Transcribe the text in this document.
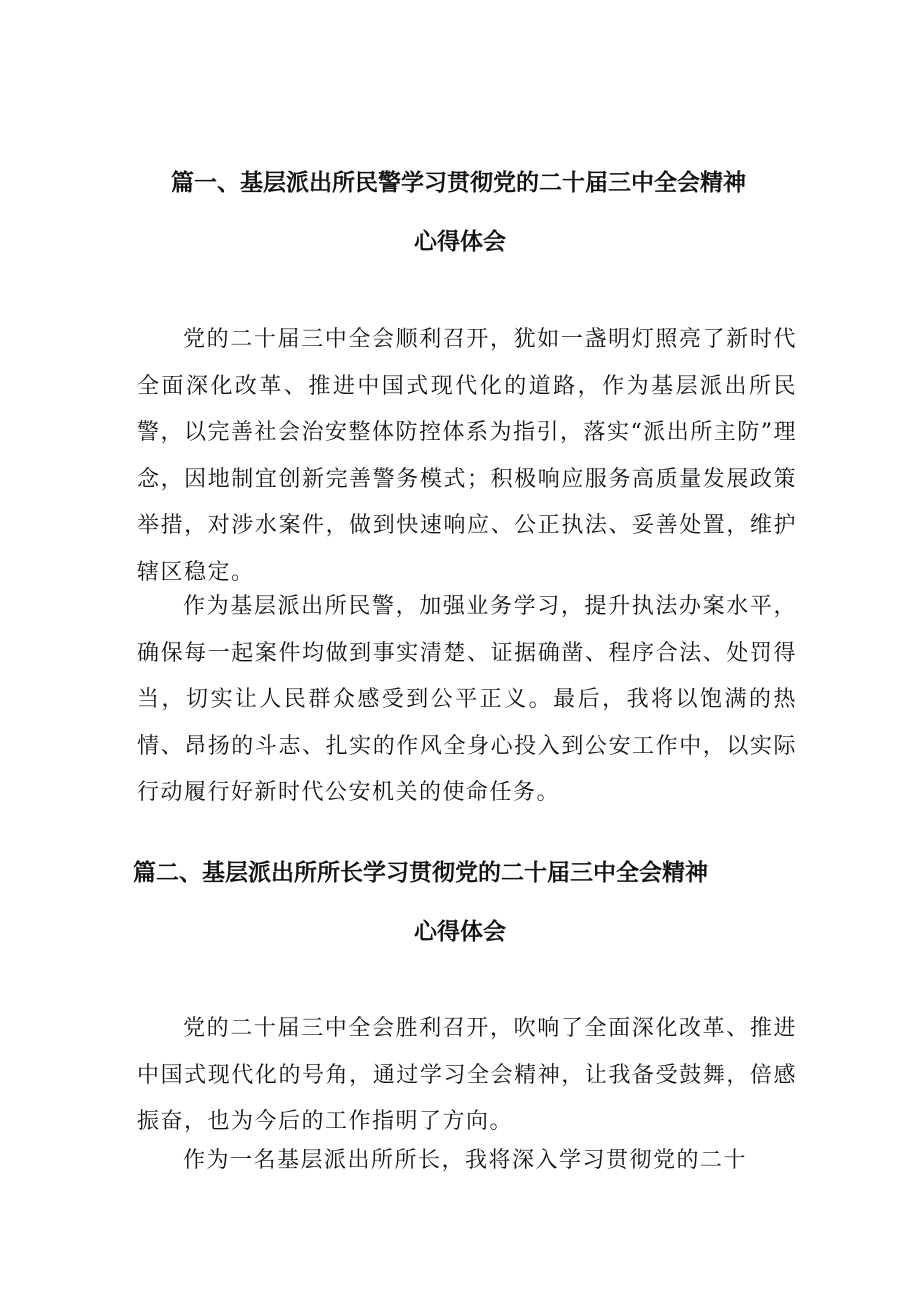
篇一、基层派出所民警学习贯彻党的二十届三中全会精神
心得体会

党的二十届三中全会顺利召开，犹如一盏明灯照亮了新时代全面深化改革、推进中国式现代化的道路，作为基层派出所民警，以完善社会治安整体防控体系为指引，落实“派出所主防”理念，因地制宜创新完善警务模式；积极响应服务高质量发展政策举措，对涉水案件，做到快速响应、公正执法、妥善处置，维护辖区稳定。

作为基层派出所民警，加强业务学习，提升执法办案水平，确保每一起案件均做到事实清楚、证据确凿、程序合法、处罚得当，切实让人民群众感受到公平正义。最后，我将以饱满的热情、昂扬的斗志、扎实的作风全身心投入到公安工作中，以实际行动履行好新时代公安机关的使命任务。

篇二、基层派出所所长学习贯彻党的二十届三中全会精神
心得体会

党的二十届三中全会胜利召开，吹响了全面深化改革、推进中国式现代化的号角，通过学习全会精神，让我备受鼓舞，倍感振奋，也为今后的工作指明了方向。

作为一名基层派出所所长，我将深入学习贯彻党的二十
